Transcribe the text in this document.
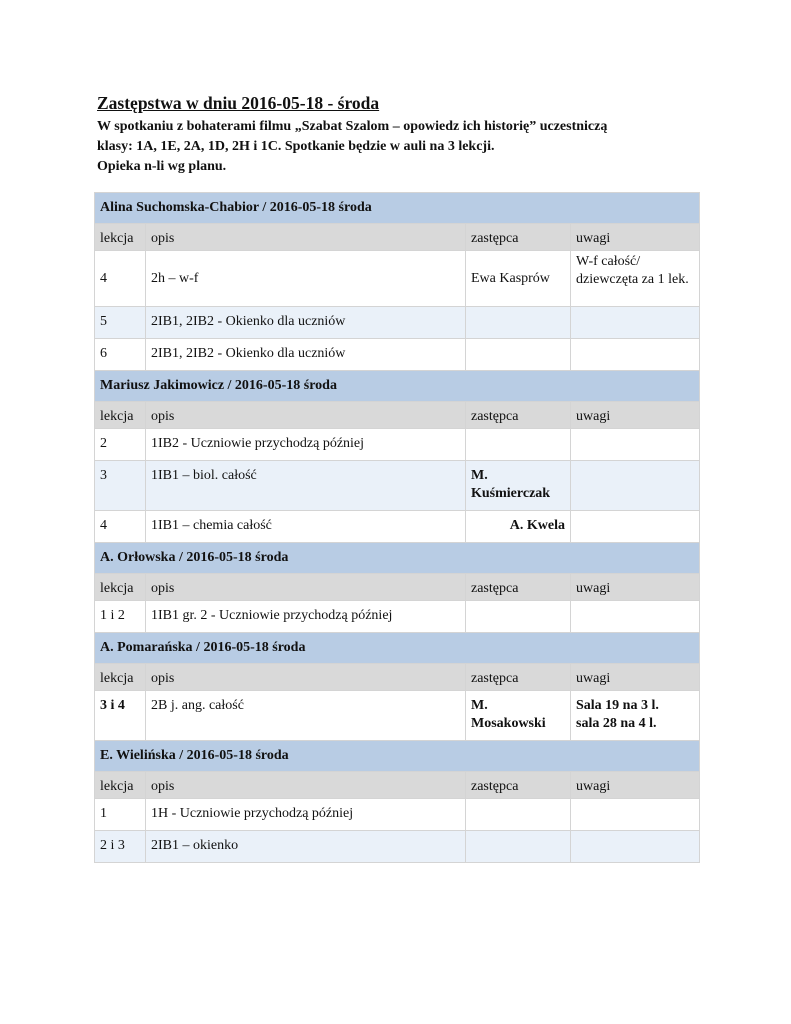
Zastępstwa w dniu 2016-05-18 - środa
W spotkaniu z bohaterami filmu „Szabat Szalom – opowiedz ich historię” uczestniczą
klasy: 1A, 1E, 2A, 1D, 2H i 1C. Spotkanie będzie w auli na 3 lekcji.
Opieka n-li wg planu.
Alina Suchomska-Chabior / 2016-05-18 środa			
lekcja	opis	zastępca	uwagi
4	2h – w-f	Ewa Kasprów	W-f całość/ dziewczęta za 1 lek.
5	2IB1, 2IB2 - Okienko dla uczniów		
6	2IB1, 2IB2 - Okienko dla uczniów		
Mariusz Jakimowicz / 2016-05-18 środa			
lekcja	opis	zastępca	uwagi
2	1IB2 - Uczniowie przychodzą później		
3	1IB1 – biol. całość	M. Kuśmierczak	
4	1IB1 – chemia całość	A. Kwela	
A. Orłowska / 2016-05-18 środa			
lekcja	opis	zastępca	uwagi
1 i 2	1IB1 gr. 2 - Uczniowie przychodzą później		
A. Pomarańska / 2016-05-18 środa			
lekcja	opis	zastępca	uwagi
3 i 4	2B j. ang. całość	M. Mosakowski	Sala 19 na 3 l.
sala 28 na 4 l.

E. Wielińska / 2016-05-18 środa			
lekcja	opis	zastępca	uwagi
1	1H - Uczniowie przychodzą później		
2 i 3	2IB1 – okienko		
